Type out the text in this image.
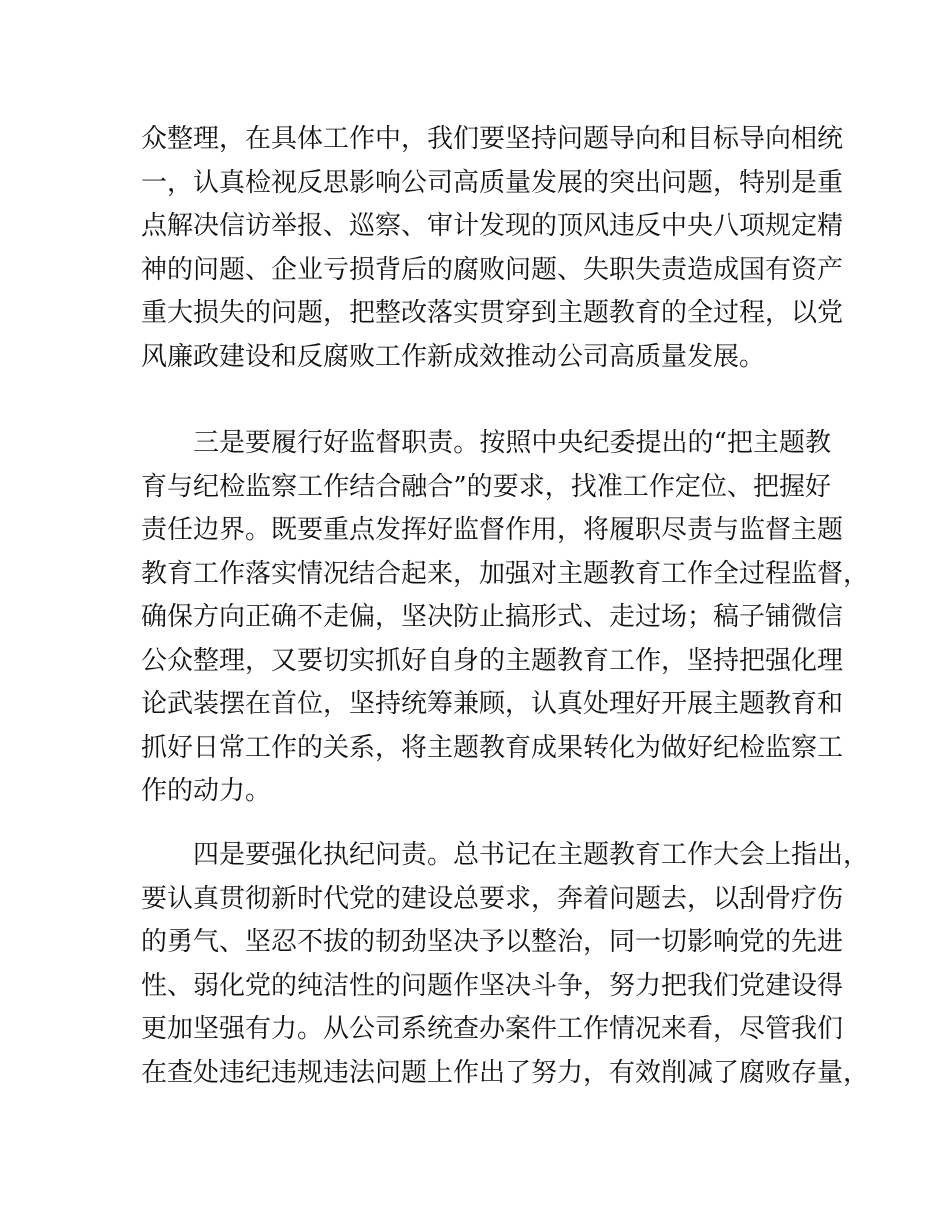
众整理，在具体工作中，我们要坚持问题导向和目标导向相统
一，认真检视反思影响公司高质量发展的突出问题，特别是重
点解决信访举报、巡察、审计发现的顶风违反中央八项规定精
神的问题、企业亏损背后的腐败问题、失职失责造成国有资产
重大损失的问题，把整改落实贯穿到主题教育的全过程，以党
风廉政建设和反腐败工作新成效推动公司高质量发展。

三是要履行好监督职责。按照中央纪委提出的“把主题教
育与纪检监察工作结合融合”的要求，找准工作定位、把握好
责任边界。既要重点发挥好监督作用，将履职尽责与监督主题
教育工作落实情况结合起来，加强对主题教育工作全过程监督，
确保方向正确不走偏，坚决防止搞形式、走过场；稿子铺微信
公众整理，又要切实抓好自身的主题教育工作，坚持把强化理
论武装摆在首位，坚持统筹兼顾，认真处理好开展主题教育和
抓好日常工作的关系，将主题教育成果转化为做好纪检监察工
作的动力。

四是要强化执纪问责。总书记在主题教育工作大会上指出，
要认真贯彻新时代党的建设总要求，奔着问题去，以刮骨疗伤
的勇气、坚忍不拔的韧劲坚决予以整治，同一切影响党的先进
性、弱化党的纯洁性的问题作坚决斗争，努力把我们党建设得
更加坚强有力。从公司系统查办案件工作情况来看，尽管我们
在查处违纪违规违法问题上作出了努力，有效削减了腐败存量，
